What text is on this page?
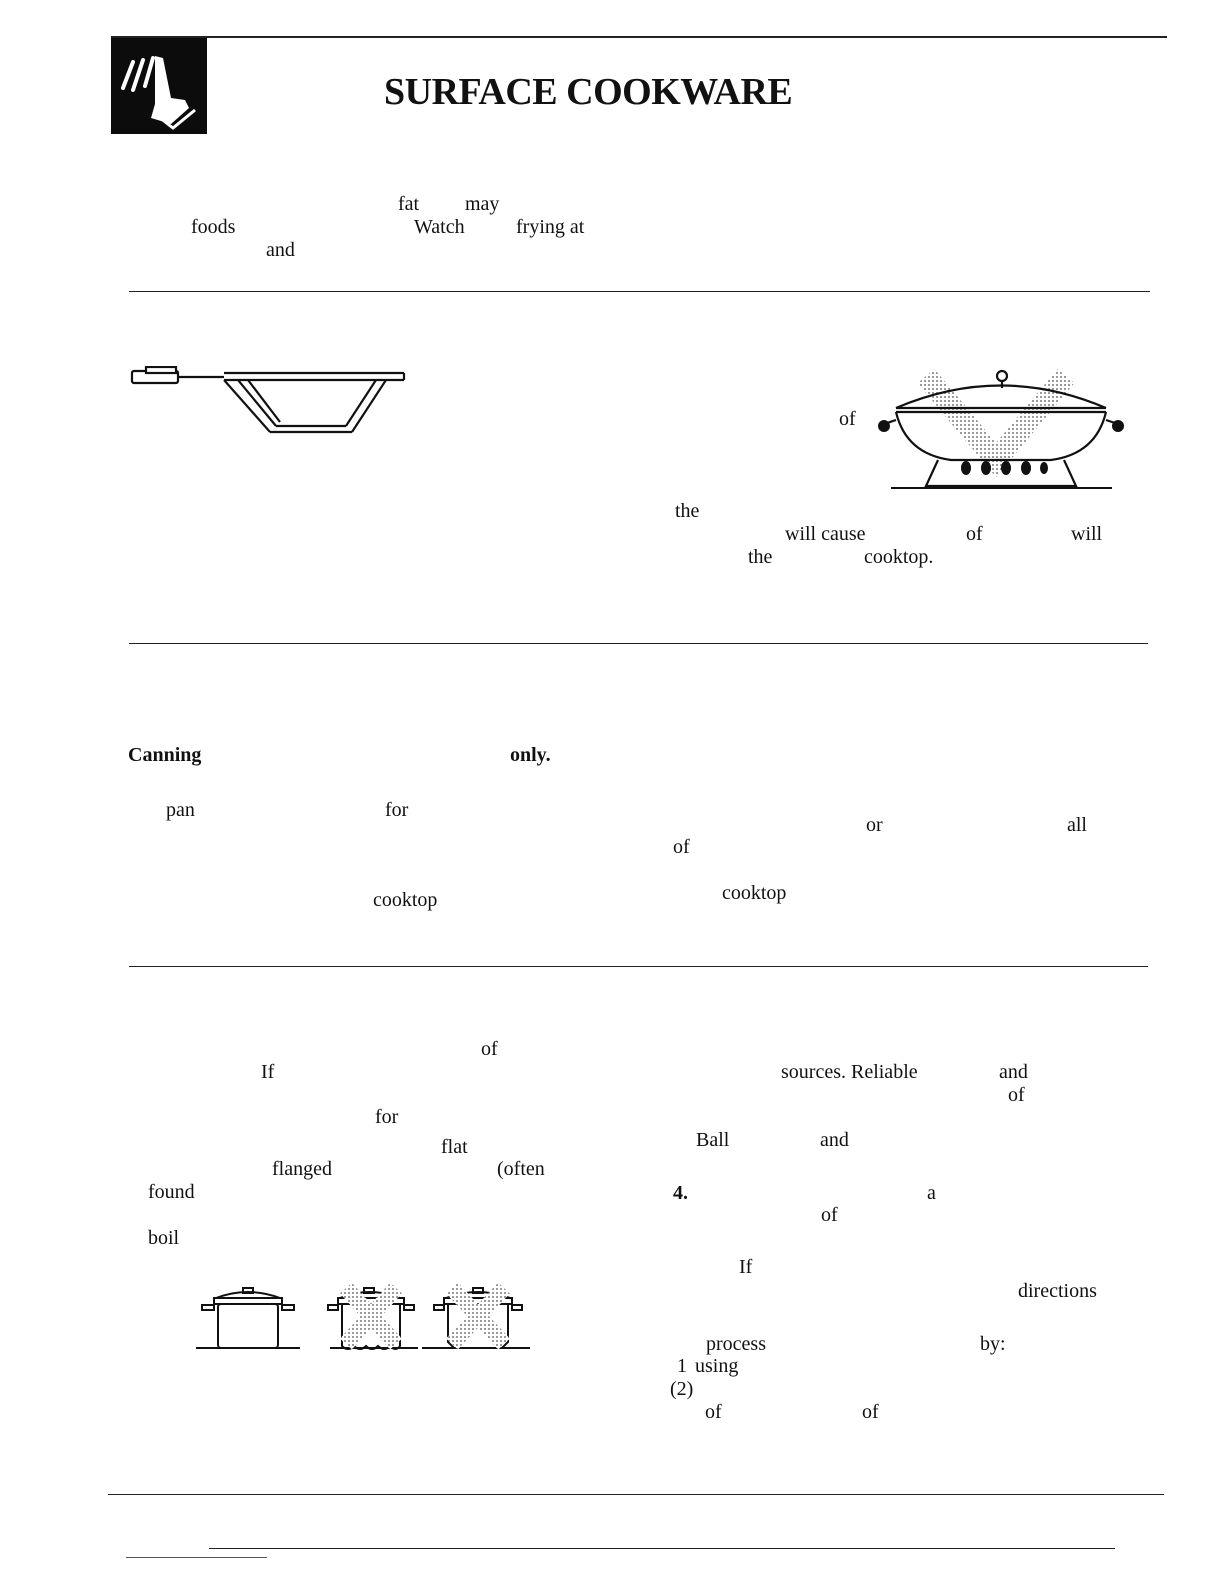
SURFACE COOKWARE
fat may
foods	Watch	frying at
and
of
the
will cause	of	will
the	cooktop.
Canning	only.
pan	for
cooktop
or	all
of
cooktop
of
If
for
flat
flanged	(often
found
boil
sources. Reliable	and
of
Ball	and
4.	a
of
If
directions
process	by:
1 using
(2)
of	of
